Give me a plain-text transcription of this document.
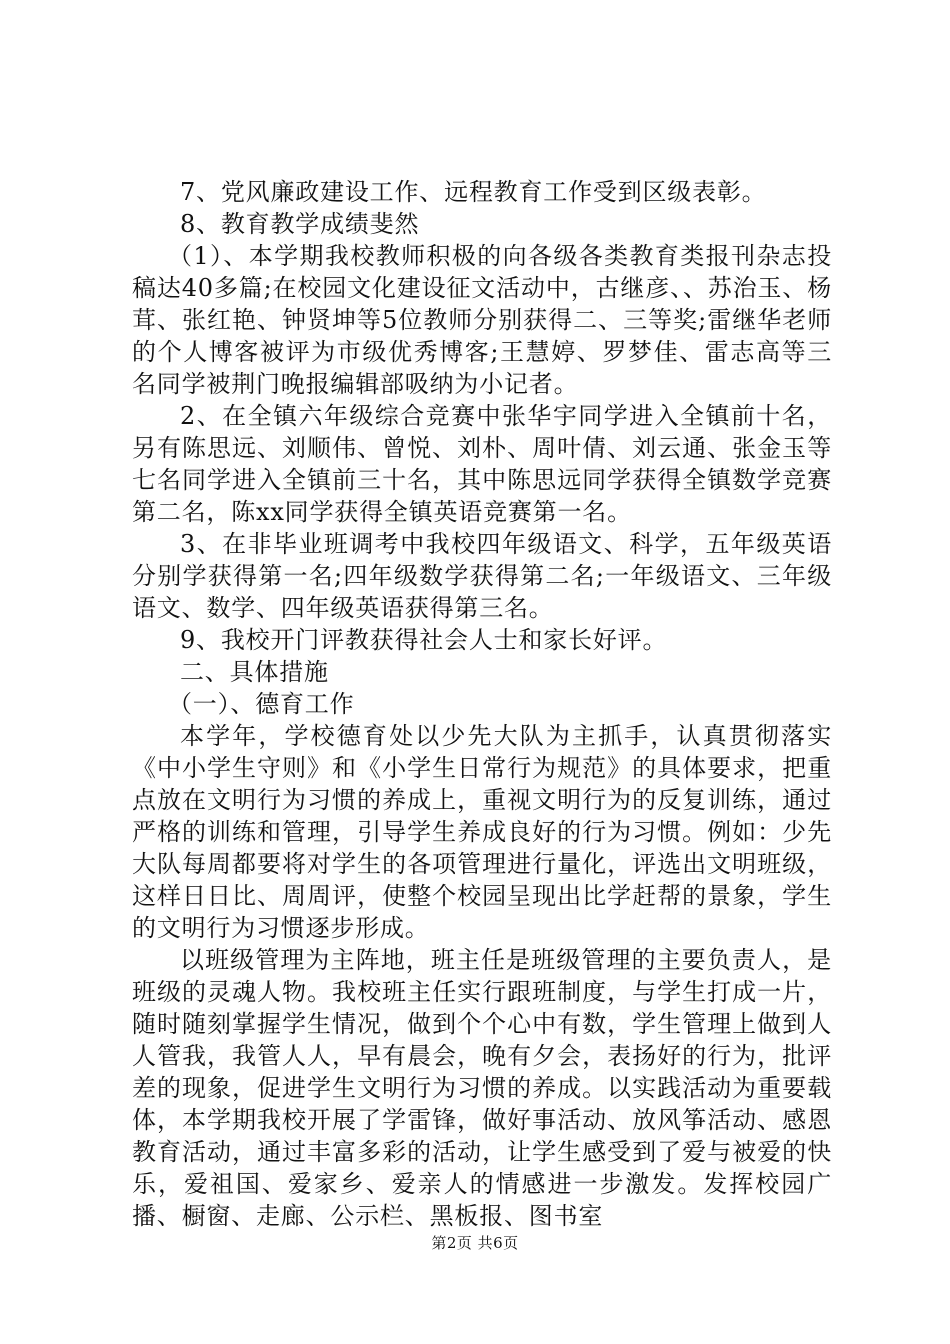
7、党风廉政建设工作、远程教育工作受到区级表彰。

8、教育教学成绩斐然

（1）、本学期我校教师积极的向各级各类教育类报刊杂志投稿达40多篇;在校园文化建设征文活动中，古继彦、、苏治玉、杨茸、张红艳、钟贤坤等5位教师分别获得二、三等奖;雷继华老师的个人博客被评为市级优秀博客;王慧婷、罗梦佳、雷志高等三名同学被荆门晚报编辑部吸纳为小记者。

2、在全镇六年级综合竞赛中张华宇同学进入全镇前十名，另有陈思远、刘顺伟、曾悦、刘朴、周叶倩、刘云通、张金玉等七名同学进入全镇前三十名，其中陈思远同学获得全镇数学竞赛第二名，陈xx同学获得全镇英语竞赛第一名。

3、在非毕业班调考中我校四年级语文、科学，五年级英语分别学获得第一名;四年级数学获得第二名;一年级语文、三年级语文、数学、四年级英语获得第三名。

9、我校开门评教获得社会人士和家长好评。

二、具体措施

（一）、德育工作

本学年，学校德育处以少先大队为主抓手，认真贯彻落实《中小学生守则》和《小学生日常行为规范》的具体要求，把重点放在文明行为习惯的养成上，重视文明行为的反复训练，通过严格的训练和管理，引导学生养成良好的行为习惯。例如：少先大队每周都要将对学生的各项管理进行量化，评选出文明班级，这样日日比、周周评，使整个校园呈现出比学赶帮的景象，学生的文明行为习惯逐步形成。

以班级管理为主阵地，班主任是班级管理的主要负责人，是班级的灵魂人物。我校班主任实行跟班制度，与学生打成一片，随时随刻掌握学生情况，做到个个心中有数，学生管理上做到人人管我，我管人人，早有晨会，晚有夕会，表扬好的行为，批评差的现象，促进学生文明行为习惯的养成。以实践活动为重要载体，本学期我校开展了学雷锋，做好事活动、放风筝活动、感恩教育活动，通过丰富多彩的活动，让学生感受到了爱与被爱的快乐，爱祖国、爱家乡、爱亲人的情感进一步激发。发挥校园广播、橱窗、走廊、公示栏、黑板报、图书室

第2页 共6页
